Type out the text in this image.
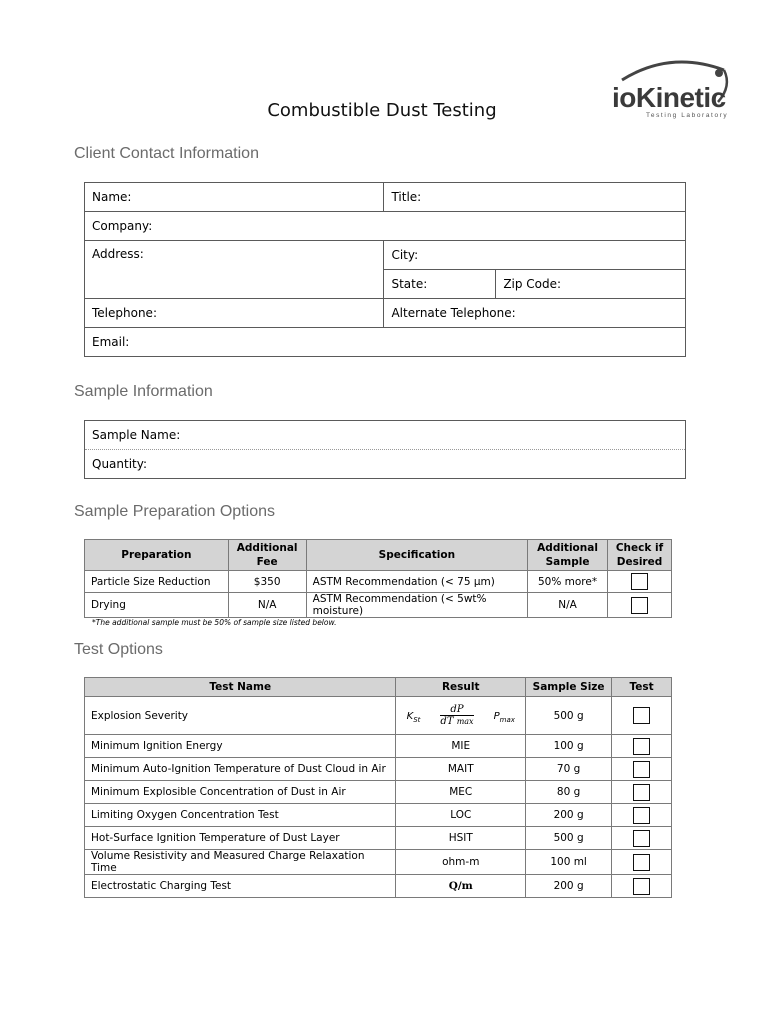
ioKinetic
Testing Laboratory
Combustible Dust Testing
Client Contact Information
Name:	Title:	
Company:		
Address:	City:	
	State:	Zip Code:
Telephone:	Alternate Telephone:	
Email:		
Sample Information
Sample Name:
Quantity:
Sample Preparation Options
Preparation	Additional Fee	Specification	Additional Sample	Check if Desired
Particle Size Reduction	$350	ASTM Recommendation (< 75 µm)	50% more*	
Drying	N/A	ASTM Recommendation (< 5wt% moisture)	N/A	
*The additional sample must be 50% of sample size listed below.
Test Options
Test Name	Result	Sample Size	Test
Explosion Severity	$K_{St} \frac{dP}{\text{dT max}} P_{max}$	500 g	
Minimum Ignition Energy	MIE	100 g	
Minimum Auto-Ignition Temperature of Dust Cloud in Air	MAIT	70 g	
Minimum Explosible Concentration of Dust in Air	MEC	80 g	
Limiting Oxygen Concentration Test	LOC	200 g	
Hot-Surface Ignition Temperature of Dust Layer	HSIT	500 g	
Volume Resistivity and Measured Charge Relaxation Time	ohm-m	100 ml	
Electrostatic Charging Test	Q/m	200 g	
